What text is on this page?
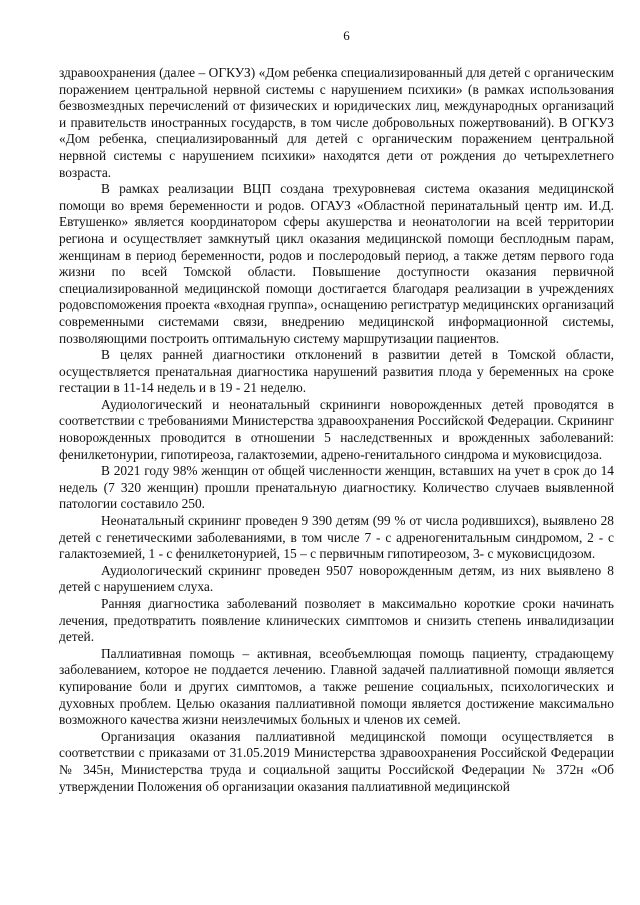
6

здравоохранения (далее – ОГКУЗ) «Дом ребенка специализированный для детей с органическим поражением центральной нервной системы с нарушением психики» (в рамках использования безвозмездных перечислений от физических и юридических лиц, международных организаций и правительств иностранных государств, в том числе добровольных пожертвований). В ОГКУЗ «Дом ребенка, специализированный для детей с органическим поражением центральной нервной системы с нарушением психики» находятся дети от рождения до четырехлетнего возраста.

В рамках реализации ВЦП создана трехуровневая система оказания медицинской помощи во время беременности и родов. ОГАУЗ «Областной перинатальный центр им. И.Д. Евтушенко» является координатором сферы акушерства и неонатологии на всей территории региона и осуществляет замкнутый цикл оказания медицинской помощи бесплодным парам, женщинам в период беременности, родов и послеродовый период, а также детям первого года жизни по всей Томской области. Повышение доступности оказания первичной специализированной медицинской помощи достигается благодаря реализации в учреждениях родовспоможения проекта «входная группа», оснащению регистратур медицинских организаций современными системами связи, внедрению медицинской информационной системы, позволяющими построить оптимальную систему маршрутизации пациентов.

В целях ранней диагностики отклонений в развитии детей в Томской области, осуществляется пренатальная диагностика нарушений развития плода у беременных на сроке гестации в 11-14 недель и в 19 - 21 неделю.

Аудиологический и неонатальный скрининги новорожденных детей проводятся в соответствии с требованиями Министерства здравоохранения Российской Федерации. Скрининг новорожденных проводится в отношении 5 наследственных и врожденных заболеваний: фенилкетонурии, гипотиреоза, галактоземии, адрено-генитального синдрома и муковисцидоза.

В 2021 году 98% женщин от общей численности женщин, вставших на учет в срок до 14 недель (7 320 женщин) прошли пренатальную диагностику. Количество случаев выявленной патологии составило 250.

Неонатальный скрининг проведен 9 390 детям (99 % от числа родившихся), выявлено 28 детей с генетическими заболеваниями, в том числе 7 - с адреногенитальным синдромом, 2 - с галактоземией, 1 - с фенилкетонурией, 15 – с первичным гипотиреозом, 3- с муковисцидозом.

Аудиологический скрининг проведен 9507 новорожденным детям, из них выявлено 8 детей с нарушением слуха.

Ранняя диагностика заболеваний позволяет в максимально короткие сроки начинать лечения, предотвратить появление клинических симптомов и снизить степень инвалидизации детей.

Паллиативная помощь – активная, всеобъемлющая помощь пациенту, страдающему заболеванием, которое не поддается лечению. Главной задачей паллиативной помощи является купирование боли и других симптомов, а также решение социальных, психологических и духовных проблем. Целью оказания паллиативной помощи является достижение максимально возможного качества жизни неизлечимых больных и членов их семей.

Организация оказания паллиативной медицинской помощи осуществляется в соответствии с приказами от 31.05.2019 Министерства здравоохранения Российской Федерации № 345н, Министерства труда и социальной защиты Российской Федерации № 372н «Об утверждении Положения об организации оказания паллиативной медицинской
